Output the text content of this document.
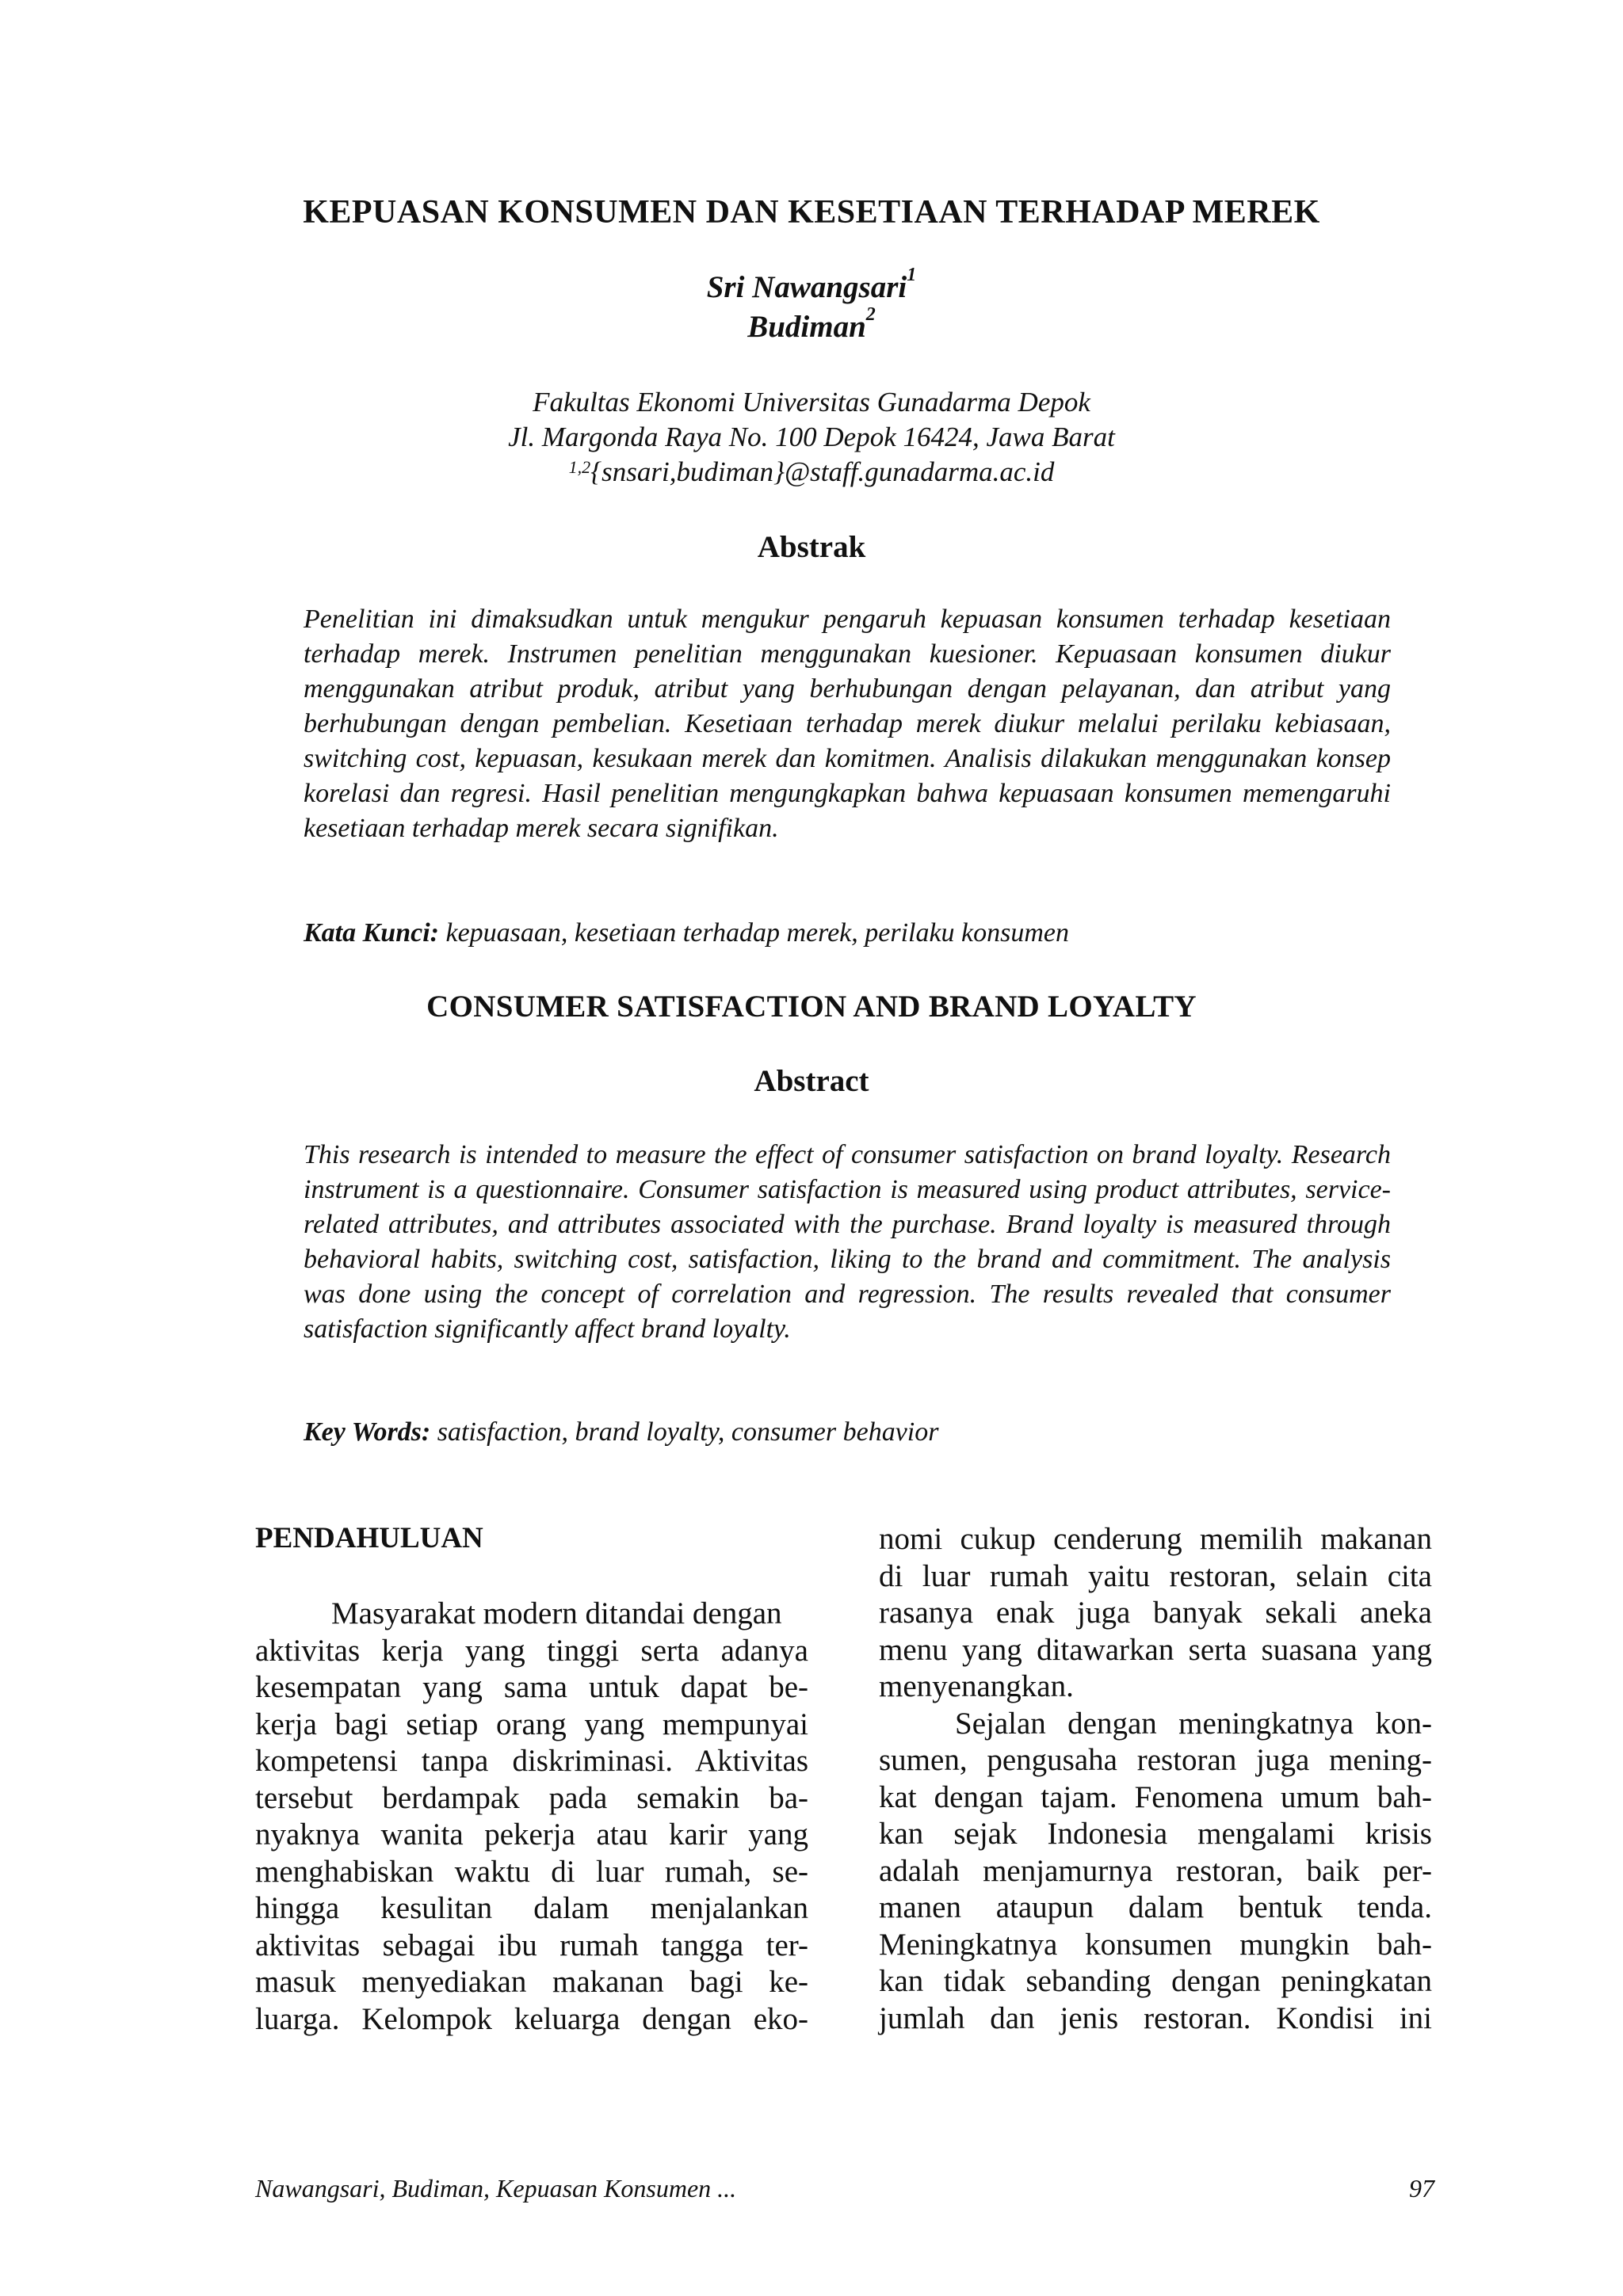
KEPUASAN KONSUMEN DAN KESETIAAN TERHADAP MEREK
Sri Nawangsari$^1$
Budiman$^2$
Fakultas Ekonomi Universitas Gunadarma Depok
Jl. Margonda Raya No. 100 Depok 16424, Jawa Barat
$^{1,2}${snsari,budiman}@staff.gunadarma.ac.id
Abstrak

Penelitian ini dimaksudkan untuk mengukur pengaruh kepuasan konsumen terhadap kesetiaan terhadap merek. Instrumen penelitian menggunakan kuesioner. Kepuasaan konsumen diukur menggunakan atribut produk, atribut yang berhubungan dengan pelayanan, dan atribut yang berhubungan dengan pembelian. Kesetiaan terhadap merek diukur melalui perilaku kebiasaan, switching cost, kepuasan, kesukaan merek dan komitmen. Analisis dilakukan menggunakan konsep korelasi dan regresi. Hasil penelitian mengungkapkan bahwa kepuasaan konsumen memengaruhi kesetiaan terhadap merek secara signifikan.

Kata Kunci: kepuasaan, kesetiaan terhadap merek, perilaku konsumen
CONSUMER SATISFACTION AND BRAND LOYALTY
Abstract

This research is intended to measure the effect of consumer satisfaction on brand loyalty. Research instrument is a questionnaire. Consumer satisfaction is measured using product attributes, service-related attributes, and attributes associated with the purchase. Brand loyalty is measured through behavioral habits, switching cost, satisfaction, liking to the brand and commitment. The analysis was done using the concept of correlation and regression. The results revealed that consumer satisfaction significantly affect brand loyalty.

Key Words: satisfaction, brand loyalty, consumer behavior
PENDAHULUAN

Masyarakat modern ditandai dengan

aktivitas kerja yang tinggi serta adanya

kesempatan yang sama untuk dapat be-

kerja bagi setiap orang yang mempunyai

kompetensi tanpa diskriminasi. Aktivitas

tersebut berdampak pada semakin ba-

nyaknya wanita pekerja atau karir yang

menghabiskan waktu di luar rumah, se-

hingga kesulitan dalam menjalankan

aktivitas sebagai ibu rumah tangga ter-

masuk menyediakan makanan bagi ke-

luarga. Kelompok keluarga dengan eko-

nomi cukup cenderung memilih makanan

di luar rumah yaitu restoran, selain cita

rasanya enak juga banyak sekali aneka

menu yang ditawarkan serta suasana yang

menyenangkan.

Sejalan dengan meningkatnya kon-

sumen, pengusaha restoran juga mening-

kat dengan tajam. Fenomena umum bah-

kan sejak Indonesia mengalami krisis

adalah menjamurnya restoran, baik per-

manen ataupun dalam bentuk tenda.

Meningkatnya konsumen mungkin bah-

kan tidak sebanding dengan peningkatan

jumlah dan jenis restoran. Kondisi ini

Nawangsari, Budiman, Kepuasan Konsumen ...	97
